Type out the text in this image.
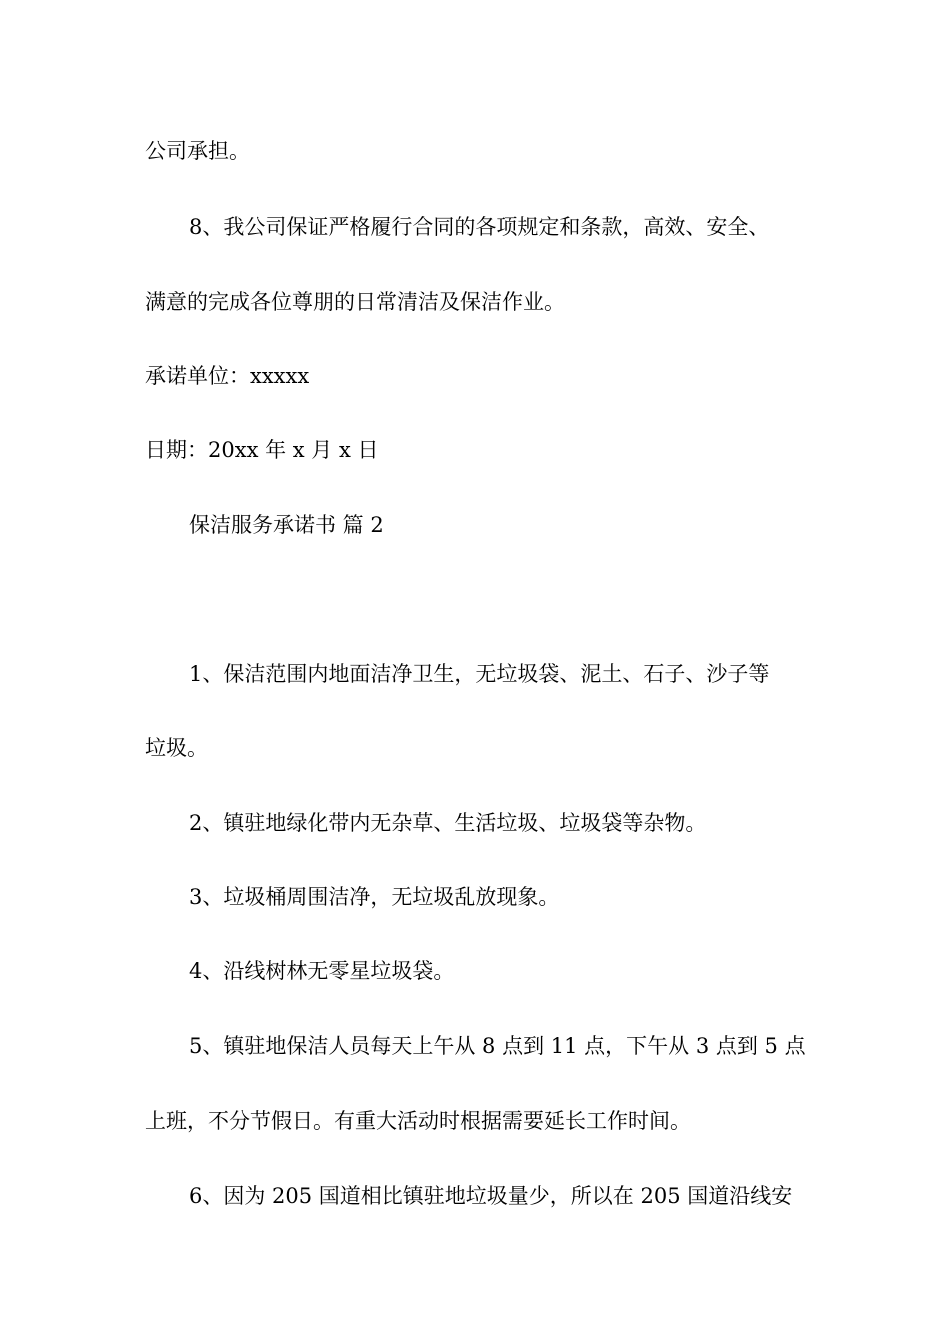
公司承担。
8、我公司保证严格履行合同的各项规定和条款，高效、安全、
满意的完成各位尊朋的日常清洁及保洁作业。
承诺单位：xxxxx
日期：20xx 年 x 月 x 日
保洁服务承诺书 篇 2
1、保洁范围内地面洁净卫生，无垃圾袋、泥土、石子、沙子等
垃圾。
2、镇驻地绿化带内无杂草、生活垃圾、垃圾袋等杂物。
3、垃圾桶周围洁净，无垃圾乱放现象。
4、沿线树林无零星垃圾袋。
5、镇驻地保洁人员每天上午从 8 点到 11 点，下午从 3 点到 5 点
上班，不分节假日。有重大活动时根据需要延长工作时间。
6、因为 205 国道相比镇驻地垃圾量少，所以在 205 国道沿线安
